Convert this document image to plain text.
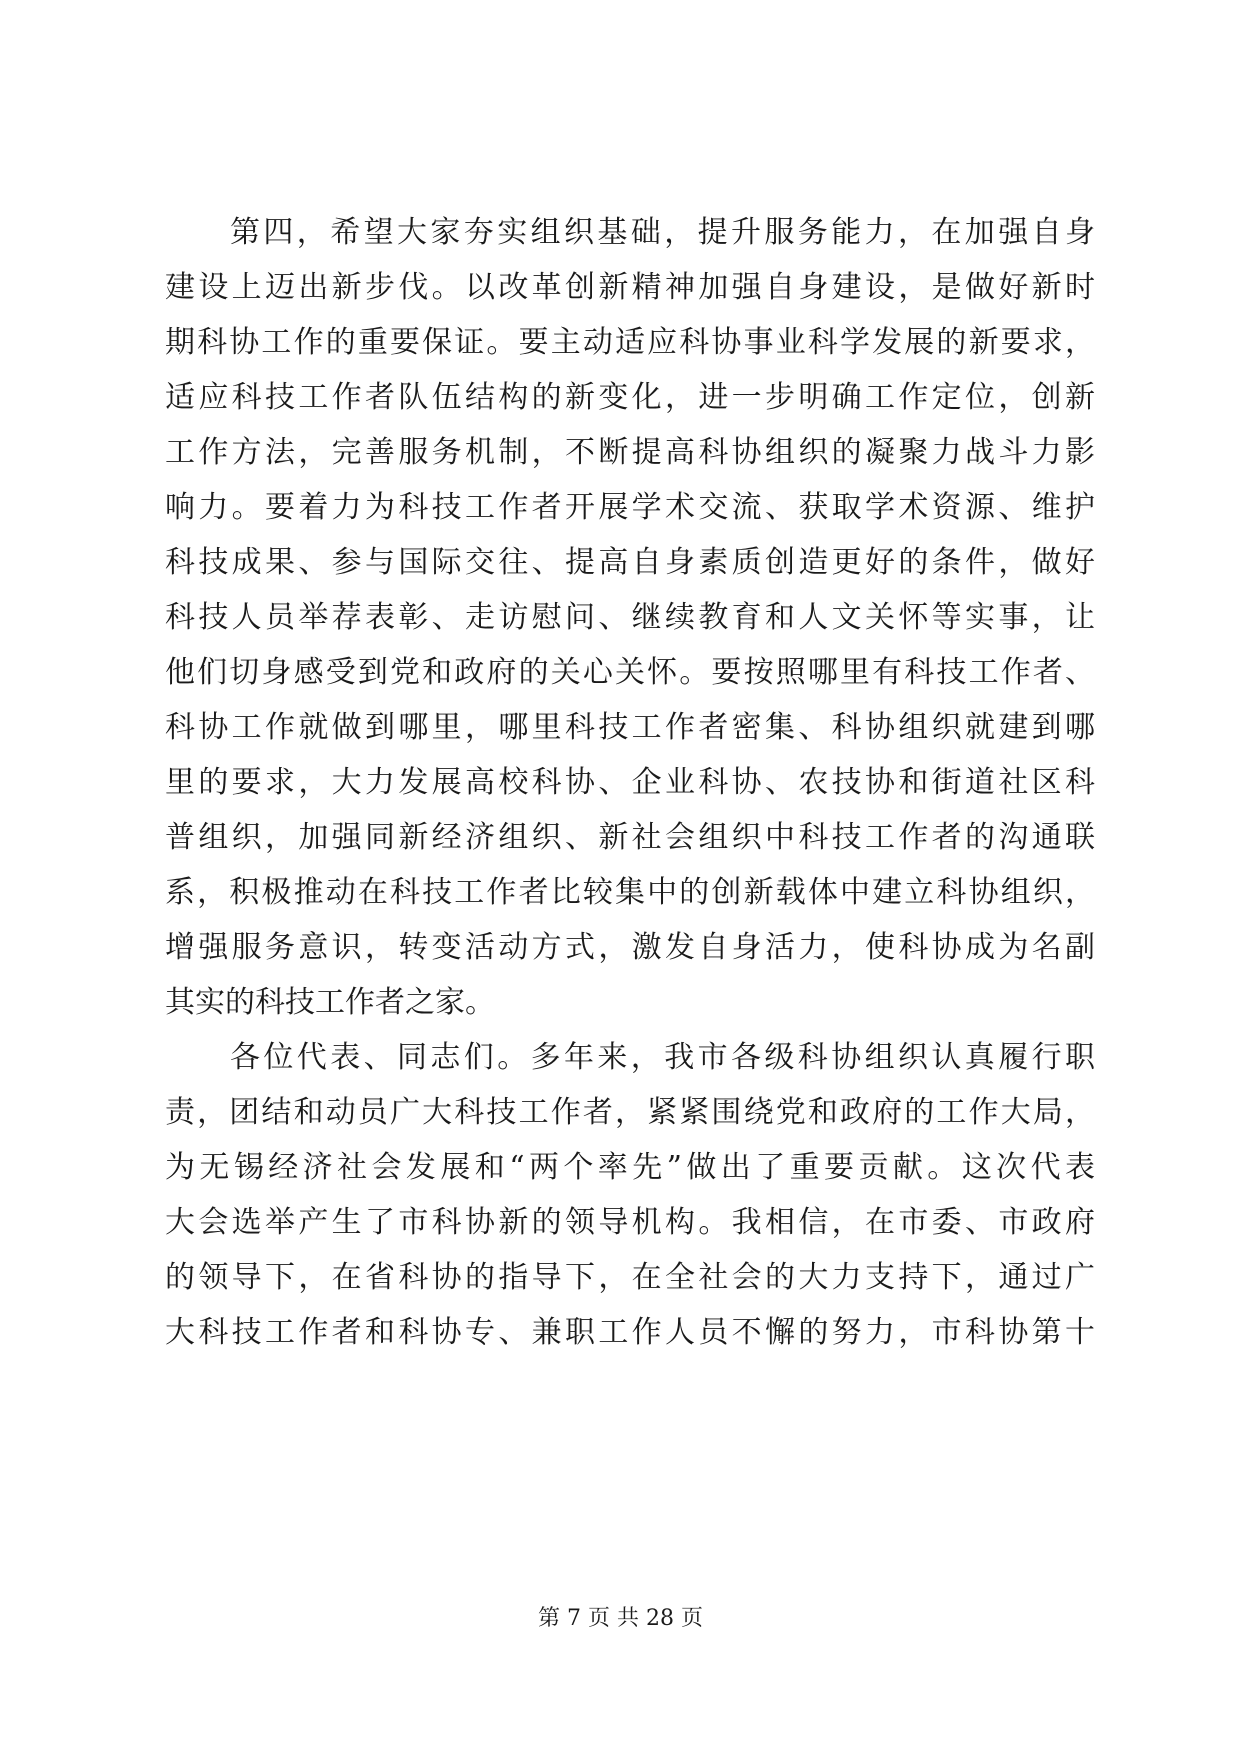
第四，希望大家夯实组织基础，提升服务能力，在加强自身
建设上迈出新步伐。以改革创新精神加强自身建设，是做好新时
期科协工作的重要保证。要主动适应科协事业科学发展的新要求，
适应科技工作者队伍结构的新变化，进一步明确工作定位，创新
工作方法，完善服务机制，不断提高科协组织的凝聚力战斗力影
响力。要着力为科技工作者开展学术交流、获取学术资源、维护
科技成果、参与国际交往、提高自身素质创造更好的条件，做好
科技人员举荐表彰、走访慰问、继续教育和人文关怀等实事，让
他们切身感受到党和政府的关心关怀。要按照哪里有科技工作者、
科协工作就做到哪里，哪里科技工作者密集、科协组织就建到哪
里的要求，大力发展高校科协、企业科协、农技协和街道社区科
普组织，加强同新经济组织、新社会组织中科技工作者的沟通联
系，积极推动在科技工作者比较集中的创新载体中建立科协组织，
增强服务意识，转变活动方式，激发自身活力，使科协成为名副
其实的科技工作者之家。
各位代表、同志们。多年来，我市各级科协组织认真履行职
责，团结和动员广大科技工作者，紧紧围绕党和政府的工作大局，
为无锡经济社会发展和“两个率先”做出了重要贡献。这次代表
大会选举产生了市科协新的领导机构。我相信，在市委、市政府
的领导下，在省科协的指导下，在全社会的大力支持下，通过广
大科技工作者和科协专、兼职工作人员不懈的努力，市科协第十
第 7 页 共 28 页
